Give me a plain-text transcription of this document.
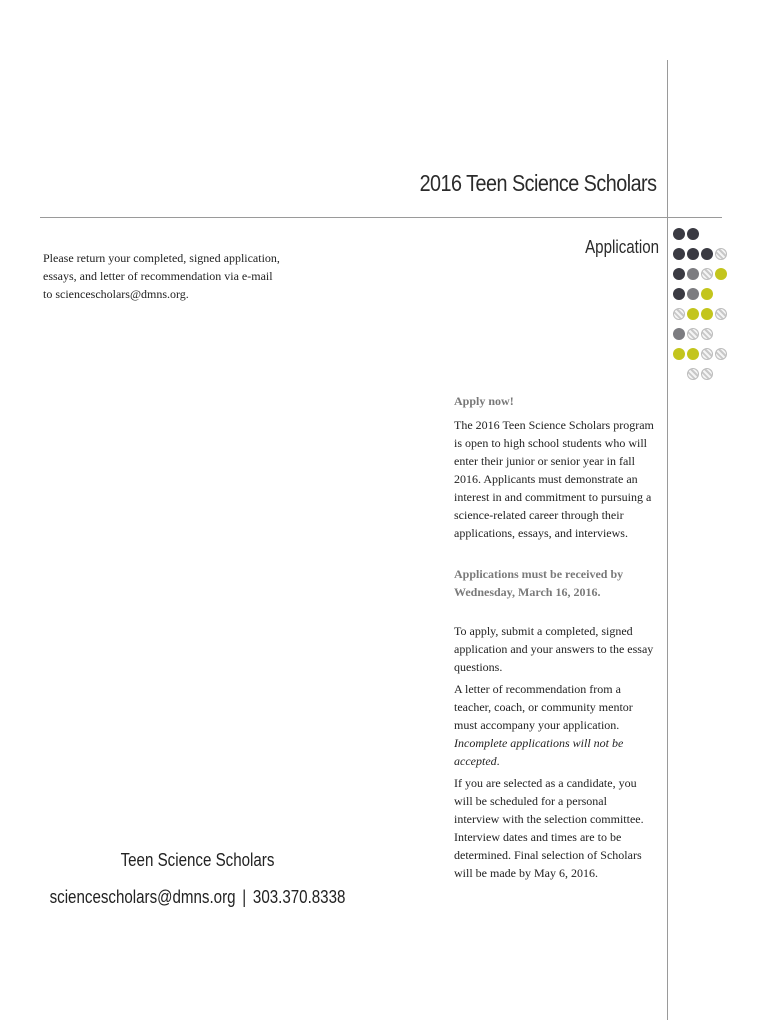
2016 Teen Science Scholars
Application
Please return your completed, signed application, essays, and letter of recommendation via e-mail to sciencescholars@dmns.org.

Apply now!

The 2016 Teen Science Scholars program is open to high school students who will enter their junior or senior year in fall 2016. Applicants must demonstrate an interest in and commitment to pursuing a science-related career through their applications, essays, and interviews.

Applications must be received by Wednesday, March 16, 2016.

To apply, submit a completed, signed application and your answers to the essay questions.

A letter of recommendation from a teacher, coach, or community mentor must accompany your application. Incomplete applications will not be accepted.

If you are selected as a candidate, you will be scheduled for a personal interview with the selection committee. Interview dates and times are to be determined. Final selection of Scholars will be made by May 6, 2016.

Teen Science Scholars
sciencescholars@dmns.org | 303.370.8338
